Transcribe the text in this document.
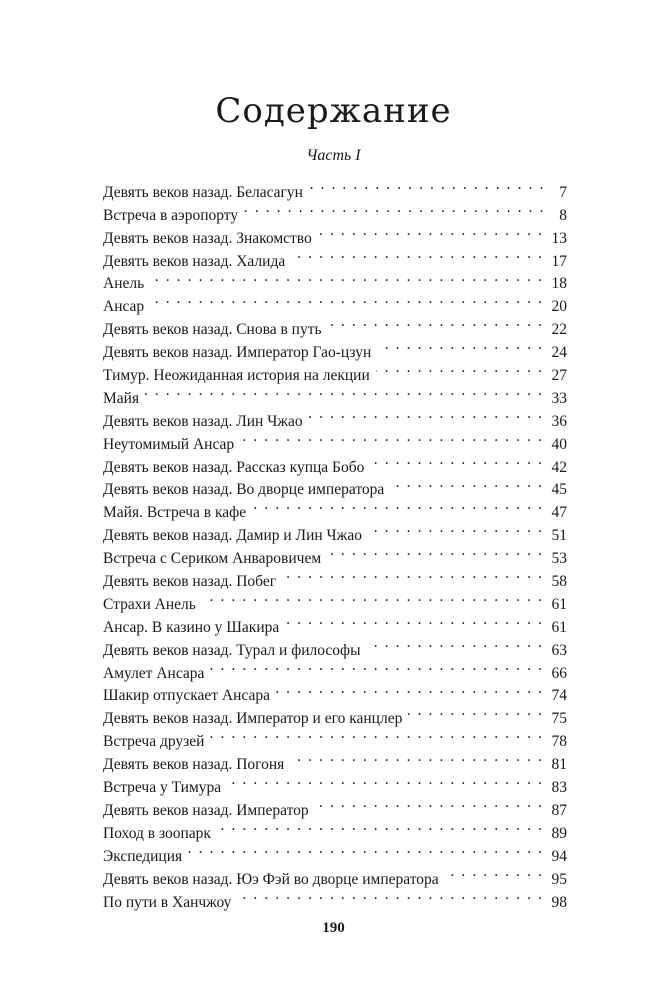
Содержание
Часть I
Девять веков назад. Беласагун . . .	7
Встреча в аэропорту . . .	8
Девять веков назад. Знакомство . . .	13
Девять веков назад. Халида . . .	17
Анель . . .	18
Ансар . . .	20
Девять веков назад. Снова в путь . . .	22
Девять веков назад. Император Гао-цзун . . .	24
Тимур. Неожиданная история на лекции . . .	27
Майя . . .	33
Девять веков назад. Лин Чжао . . .	36
Неутомимый Ансар . . .	40
Девять веков назад. Рассказ купца Бобо . . .	42
Девять веков назад. Во дворце императора . . .	45
Майя. Встреча в кафе . . .	47
Девять веков назад. Дамир и Лин Чжао . . .	51
Встреча с Сериком Анваровичем . . .	53
Девять веков назад. Побег . . .	58
Страхи Анель . . .	61
Ансар. В казино у Шакира . . .	61
Девять веков назад. Турал и философы . . .	63
Амулет Ансара . . .	66
Шакир отпускает Ансара . . .	74
Девять веков назад. Император и его канцлер . . .	75
Встреча друзей . . .	78
Девять веков назад. Погоня . . .	81
Встреча у Тимура . . .	83
Девять веков назад. Император . . .	87
Поход в зоопарк . . .	89
Экспедиция . . .	94
Девять веков назад. Юэ Фэй во дворце императора . . .	95
По пути в Ханчжоу . . .	98
190
